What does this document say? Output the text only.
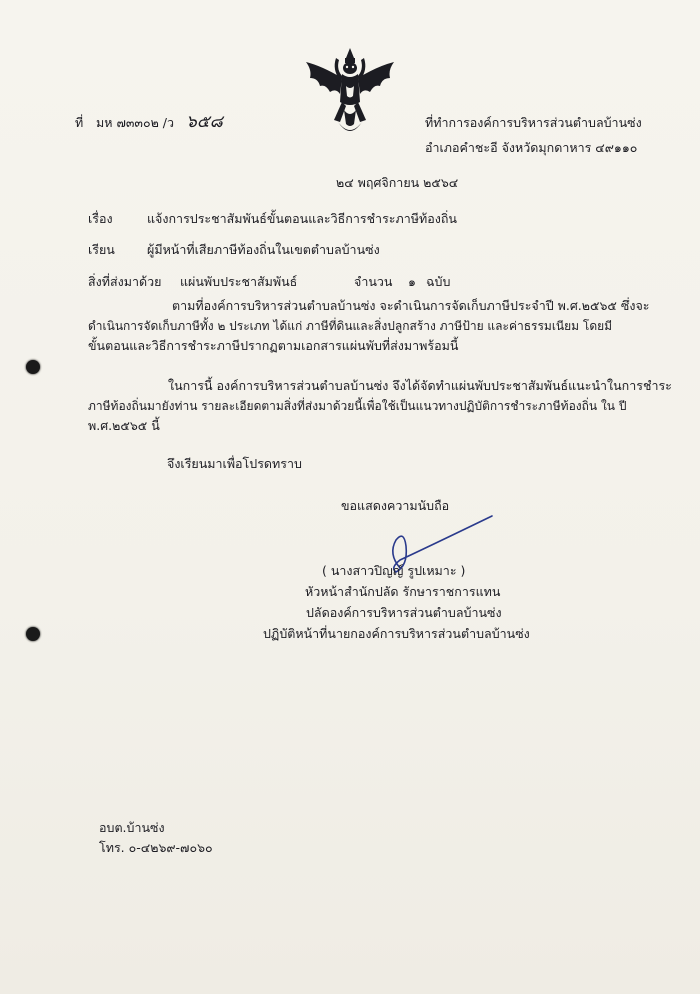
ที่ มห ๗๓๓๐๒ /ว ๖๕๘	ที่ทำการองค์การบริหารส่วนตำบลบ้านซ่ง
อำเภอคำชะอี จังหวัดมุกดาหาร ๔๙๑๑๐
๒๔ พฤศจิกายน ๒๕๖๔
เรื่อง	แจ้งการประชาสัมพันธ์ขั้นตอนและวิธีการชำระภาษีท้องถิ่น
เรียน	ผู้มีหน้าที่เสียภาษีท้องถิ่นในเขตตำบลบ้านซ่ง
สิ่งที่ส่งมาด้วย แผ่นพับประชาสัมพันธ์	จำนวน ๑ ฉบับ
ตามที่องค์การบริหารส่วนตำบลบ้านซ่ง จะดำเนินการจัดเก็บภาษีประจำปี พ.ศ.๒๕๖๕ ซึ่งจะ
ดำเนินการจัดเก็บภาษีทั้ง ๒ ประเภท ได้แก่ ภาษีที่ดินและสิ่งปลูกสร้าง ภาษีป้าย และค่าธรรมเนียม โดยมี
ขั้นตอนและวิธีการชำระภาษีปรากฏตามเอกสารแผ่นพับที่ส่งมาพร้อมนี้
ในการนี้ องค์การบริหารส่วนตำบลบ้านซ่ง จึงได้จัดทำแผ่นพับประชาสัมพันธ์แนะนำในการชำระ
ภาษีท้องถิ่นมายังท่าน รายละเอียดตามสิ่งที่ส่งมาด้วยนี้เพื่อใช้เป็นแนวทางปฏิบัติการชำระภาษีท้องถิ่น ใน ปี
พ.ศ.๒๕๖๕ นี้
จึงเรียนมาเพื่อโปรดทราบ
ขอแสดงความนับถือ
( นางสาวปิญญ์ รูปเหมาะ )
หัวหน้าสำนักปลัด รักษาราชการแทน
ปลัดองค์การบริหารส่วนตำบลบ้านซ่ง
ปฏิบัติหน้าที่นายกองค์การบริหารส่วนตำบลบ้านซ่ง
อบต.บ้านซ่ง
โทร. ๐-๔๒๖๙-๗๐๖๐
